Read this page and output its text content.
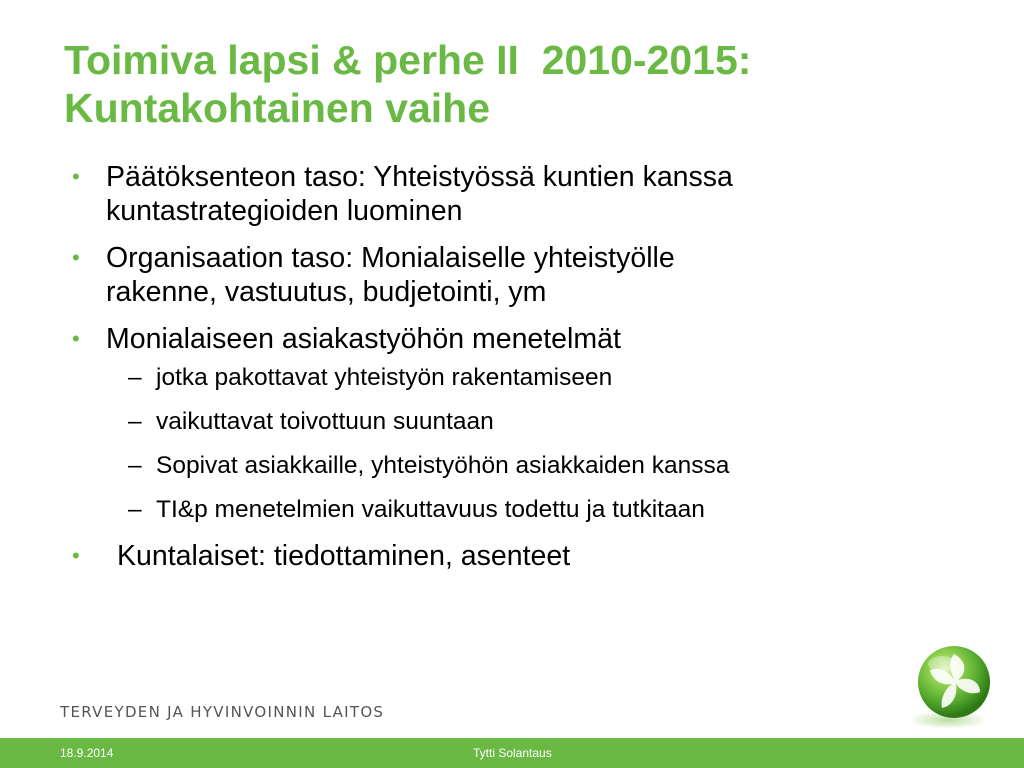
Toimiva lapsi & perhe II  2010-2015:
Kuntakohtainen vaihe
• Päätöksenteon taso: Yhteistyössä kuntien kanssa
kuntastrategioiden luominen
• Organisaation taso: Monialaiselle yhteistyölle
rakenne, vastuutus, budjetointi, ym
• Monialaiseen asiakastyöhön menetelmät
– jotka pakottavat yhteistyön rakentamiseen
– vaikuttavat toivottuun suuntaan
– Sopivat asiakkaille, yhteistyöhön asiakkaiden kanssa
– TI&p menetelmien vaikuttavuus todettu ja tutkitaan
• Kuntalaiset: tiedottaminen, asenteet
TERVEYDEN JA HYVINVOINNIN LAITOS
18.9.2014	Tytti Solantaus
